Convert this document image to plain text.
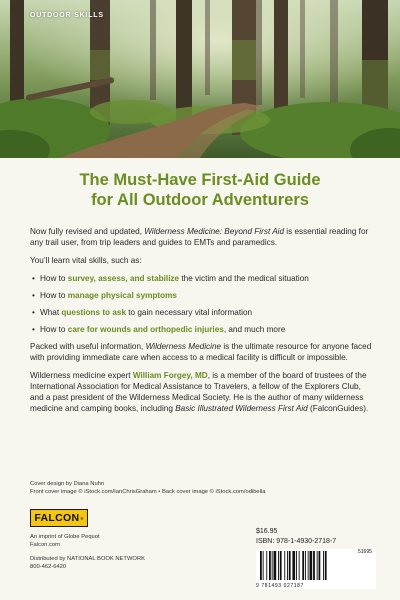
OUTDOOR SKILLS
The Must-Have First-Aid Guide
for All Outdoor Adventurers

Now fully revised and updated, Wilderness Medicine: Beyond First Aid is essential reading for any trail user, from trip leaders and guides to EMTs and paramedics.

You’ll learn vital skills, such as:

• How to survey, assess, and stabilize the victim and the medical situation
• How to manage physical symptoms
• What questions to ask to gain necessary vital information
• How to care for wounds and orthopedic injuries, and much more

Packed with useful information, Wilderness Medicine is the ultimate resource for anyone faced with providing immediate care when access to a medical facility is difficult or impossible.

Wilderness medicine expert William Forgey, MD, is a member of the board of trustees of the International Association for Medical Assistance to Travelers, a fellow of the Explorers Club, and a past president of the Wilderness Medical Society. He is the author of many wilderness medicine and camping books, including Basic Illustrated Wilderness First Aid (FalconGuides).

Cover design by Diana Nuhn
Front cover image © iStock.com/IanChrisGraham • Back cover image © iStock.com/odibella
FALCON ®
An imprint of Globe Pequot
Falcon.com
Distributed by NATIONAL BOOK NETWORK
800-462-6420
$16.95
ISBN: 978-1-4930-2718-7
51695
9 781493 027187
